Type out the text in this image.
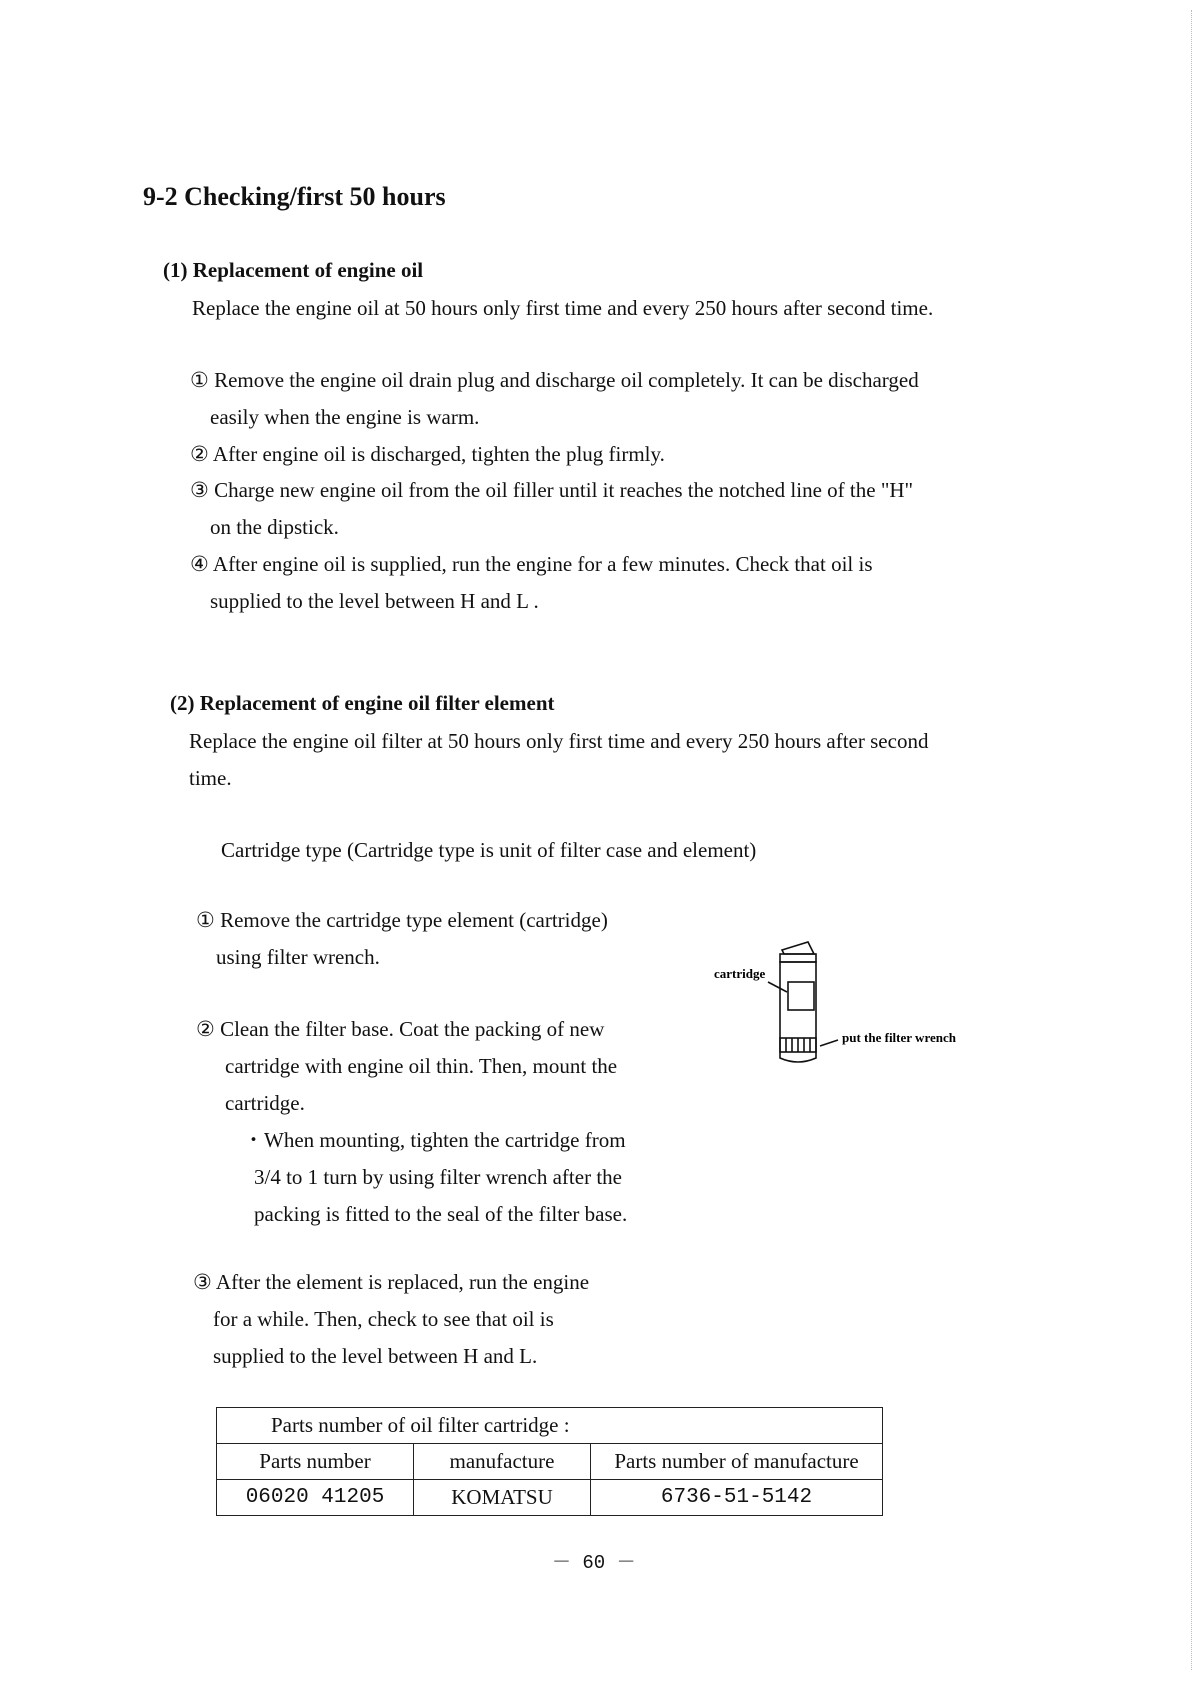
9-2 Checking/first 50 hours
(1) Replacement of engine oil
Replace the engine oil at 50 hours only first time and every 250 hours after second time.
① Remove the engine oil drain plug and discharge oil completely. It can be discharged
easily when the engine is warm.
② After engine oil is discharged, tighten the plug firmly.
③ Charge new engine oil from the oil filler until it reaches the notched line of the "H"
on the dipstick.
④ After engine oil is supplied, run the engine for a few minutes. Check that oil is
supplied to the level between H and L .
(2) Replacement of engine oil filter element
Replace the engine oil filter at 50 hours only first time and every 250 hours after second
time.
Cartridge type (Cartridge type is unit of filter case and element)
① Remove the cartridge type element (cartridge)
using filter wrench.
② Clean the filter base. Coat the packing of new
cartridge with engine oil thin. Then, mount the
cartridge.
・When mounting, tighten the cartridge from
3/4 to 1 turn by using filter wrench after the
packing is fitted to the seal of the filter base.
③ After the element is replaced, run the engine
for a while. Then, check to see that oil is
supplied to the level between H and L.
cartridge
put the filter wrench
Parts number of oil filter cartridge :		
Parts number	manufacture	Parts number of manufacture
06020 41205	KOMATSU	6736-51-5142
－ 60 －
